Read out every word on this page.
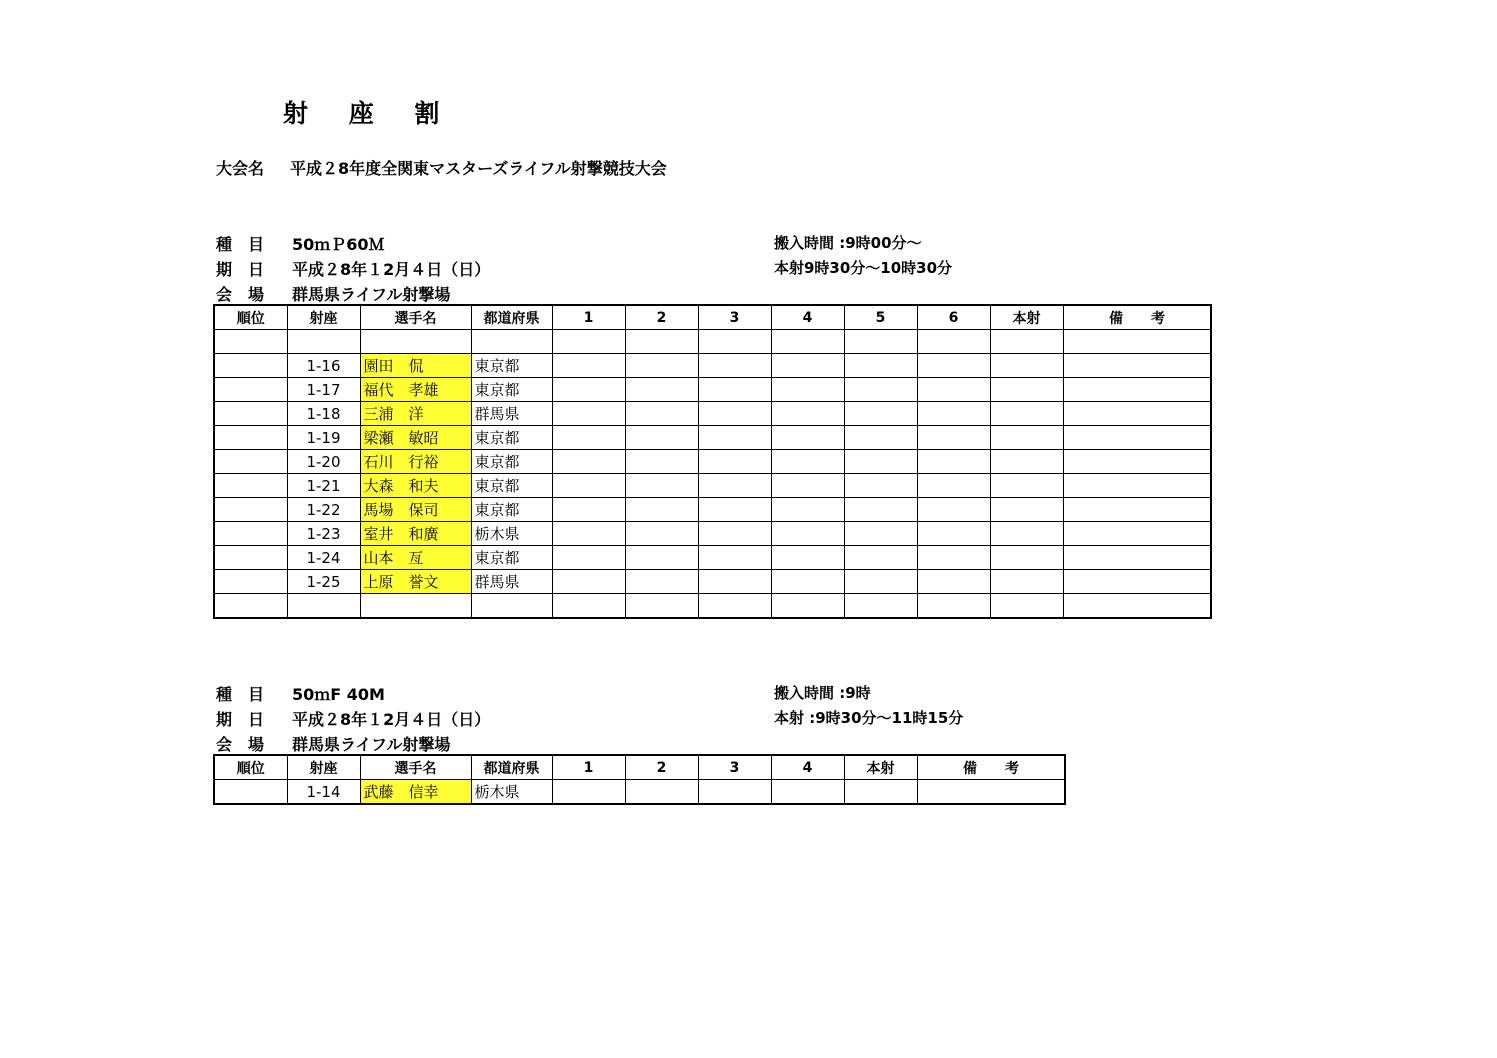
射 座 割
大会名 平成２8年度全関東マスターズライフル射撃競技大会
種　目 50ｍＰ60Ｍ
期　日 平成２8年１2月４日（日）
会　場 群馬県ライフル射撃場
搬入時間 :9時00分～
本射9時30分～10時30分
順位	射座	選手名	都道府県	1	2	3	4	5	6	本射	備　　考	

	1-16	園田　侃	東京都									
	1-17	福代　孝雄	東京都									
	1-18	三浦　洋	群馬県									
	1-19	梁瀬　敏昭	東京都									
	1-20	石川　行裕	東京都									
	1-21	大森　和夫	東京都									
	1-22	馬場　保司	東京都									
	1-23	室井　和廣	栃木県									
	1-24	山本　亙	東京都									
	1-25	上原　誉文	群馬県									

種　目 50ｍF 40M
期　日 平成２8年１2月４日（日）
会　場 群馬県ライフル射撃場
搬入時間 :9時
本射 :9時30分～11時15分
順位	射座	選手名	都道府県	1	2	3	4	本射	備　　考	
	1-14	武藤　信幸	栃木県							
